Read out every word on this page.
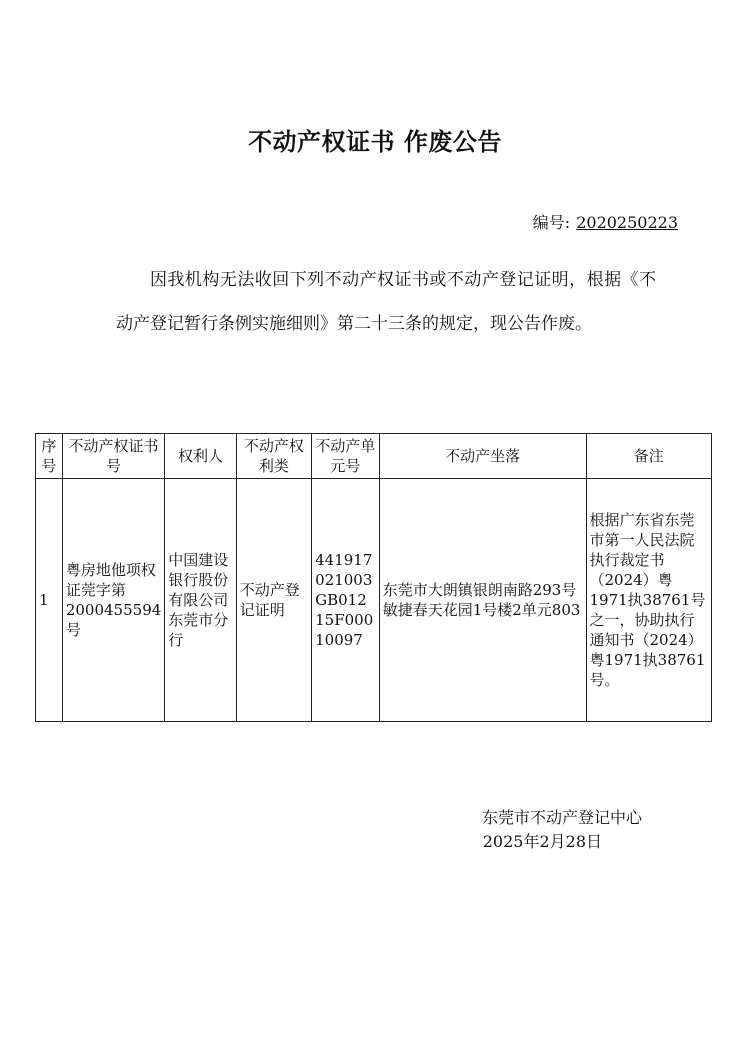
不动产权证书 作废公告
编号: 2020250223
因我机构无法收回下列不动产权证书或不动产登记证明，根据《不动产登记暂行条例实施细则》第二十三条的规定，现公告作废。
序号	不动产权证书号	权利人	不动产权利类	不动产单元号	不动产坐落	备注
1	粤房地他项权证莞字第2000455594号	中国建设银行股份有限公司东莞市分行	不动产登记证明	441917021003GB01215F00010097	东莞市大朗镇银朗南路293号敏捷春天花园1号楼2单元803	根据广东省东莞市第一人民法院执行裁定书（2024）粤1971执38761号之一，协助执行通知书（2024）粤1971执38761号。
东莞市不动产登记中心
2025年2月28日
